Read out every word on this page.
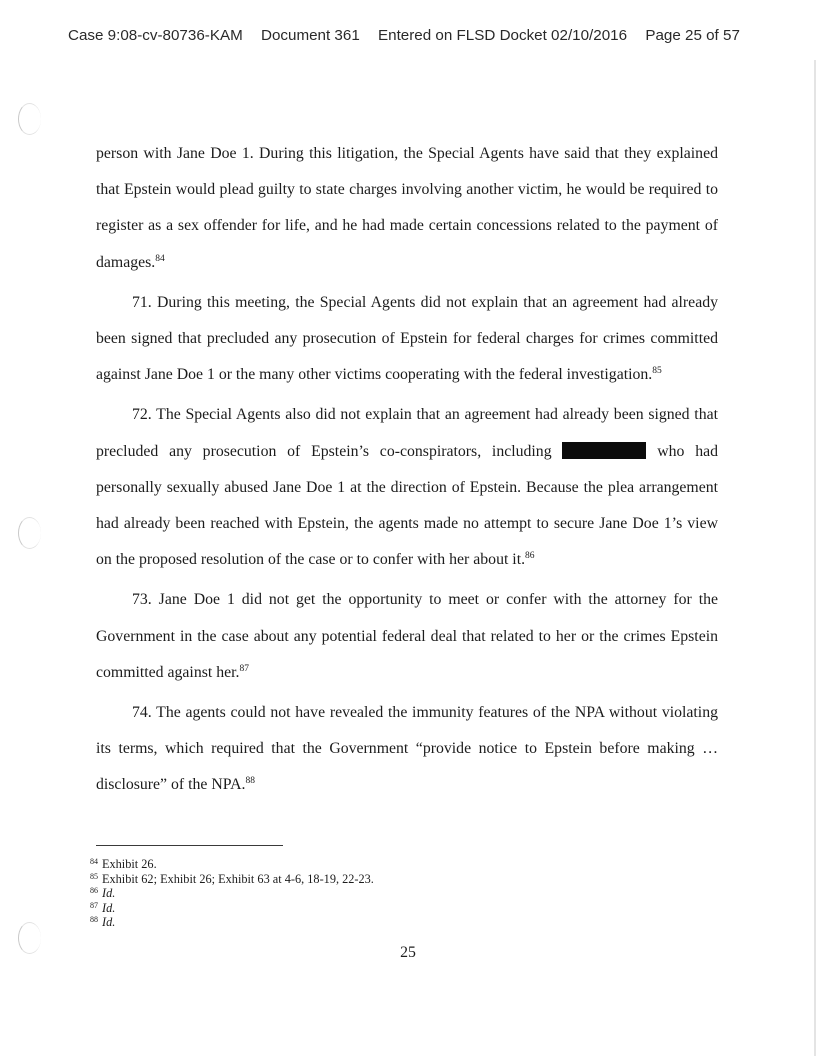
Case 9:08-cv-80736-KAM Document 361 Entered on FLSD Docket 02/10/2016 Page 25 of 57

person with Jane Doe 1. During this litigation, the Special Agents have said that they explained that Epstein would plead guilty to state charges involving another victim, he would be required to register as a sex offender for life, and he had made certain concessions related to the payment of damages.$^{84}$

71. During this meeting, the Special Agents did not explain that an agreement had already been signed that precluded any prosecution of Epstein for federal charges for crimes committed against Jane Doe 1 or the many other victims cooperating with the federal investigation.$^{85}$

72. The Special Agents also did not explain that an agreement had already been signed that precluded any prosecution of Epstein’s co-conspirators, including	who had personally sexually abused Jane Doe 1 at the direction of Epstein. Because the plea arrangement had already been reached with Epstein, the agents made no attempt to secure Jane Doe 1’s view on the proposed resolution of the case or to confer with her about it.$^{86}$

73. Jane Doe 1 did not get the opportunity to meet or confer with the attorney for the Government in the case about any potential federal deal that related to her or the crimes Epstein committed against her.$^{87}$

74. The agents could not have revealed the immunity features of the NPA without violating its terms, which required that the Government “provide notice to Epstein before making … disclosure” of the NPA.$^{88}$

$^{84}$ Exhibit 26.
$^{85}$ Exhibit 62; Exhibit 26; Exhibit 63 at 4-6, 18-19, 22-23.
$^{86}$ Id.
$^{87}$ Id.
$^{88}$ Id.
25
